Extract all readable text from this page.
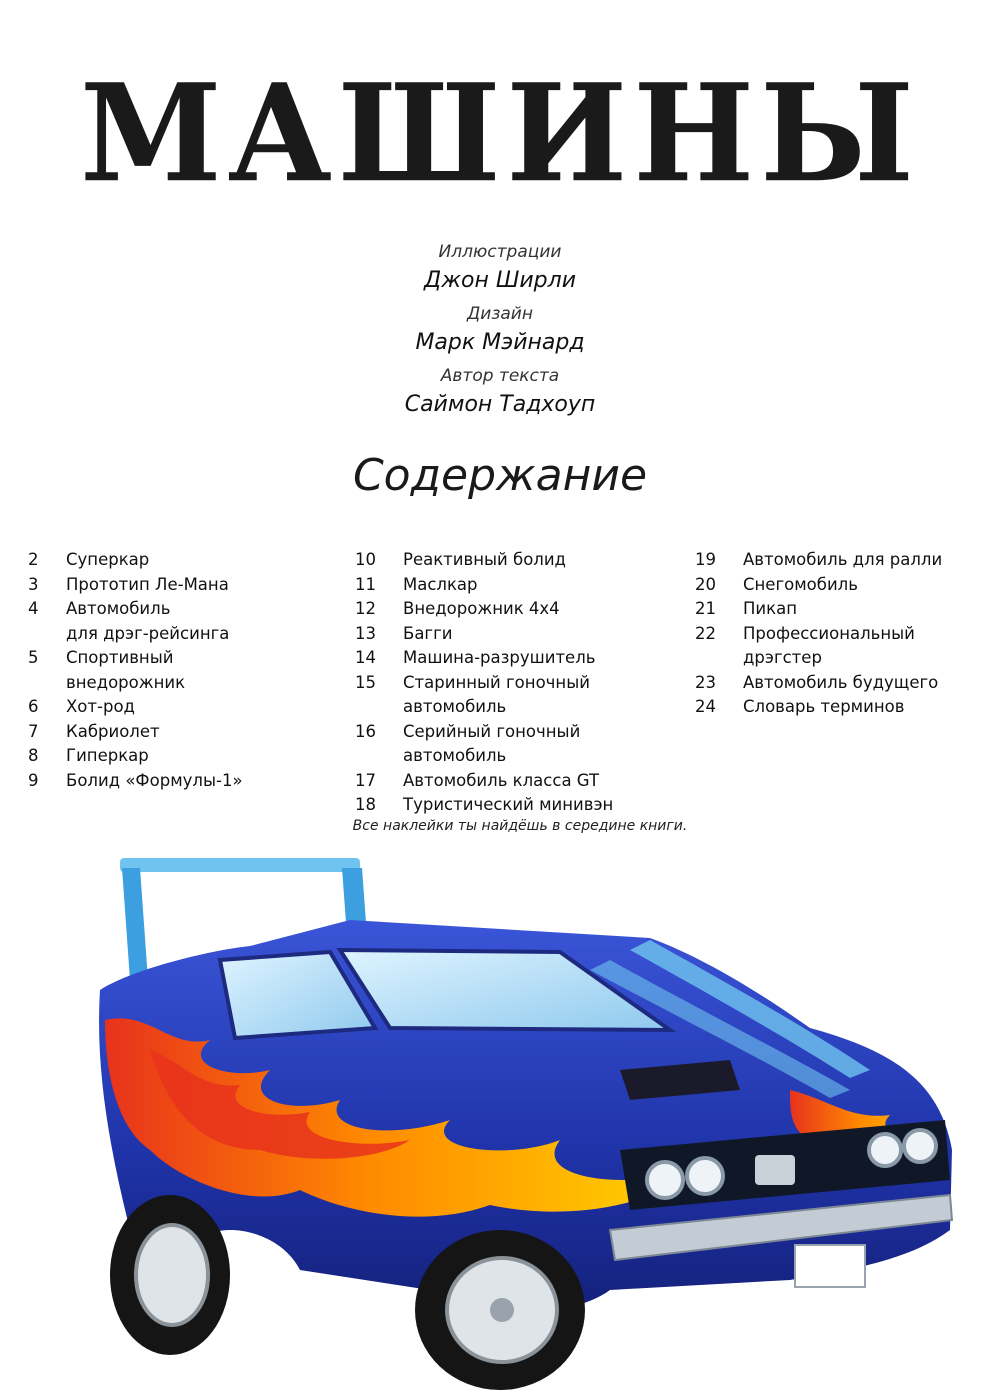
МАШИНЫ
Иллюстрации
Джон Ширли
Дизайн
Марк Мэйнард
Автор текста
Саймон Тадхоуп
Содержание
2	Суперкар
3	Прототип Ле-Мана
4	Автомобиль
для дрэг-рейсинга
5	Спортивный
внедорожник
6	Хот-род
7	Кабриолет
8	Гиперкар
9	Болид «Формулы-1»
10	Реактивный болид
11	Маслкар
12	Внедорожник 4х4
13	Багги
14	Машина-разрушитель
15	Старинный гоночный
автомобиль
16	Серийный гоночный автомобиль
17	Автомобиль класса GT
18	Туристический минивэн
19	Автомобиль для ралли
20	Снегомобиль
21	Пикап
22	Профессиональный дрэгстер
23	Автомобиль будущего
24	Словарь терминов
Все наклейки ты найдёшь в середине книги.
